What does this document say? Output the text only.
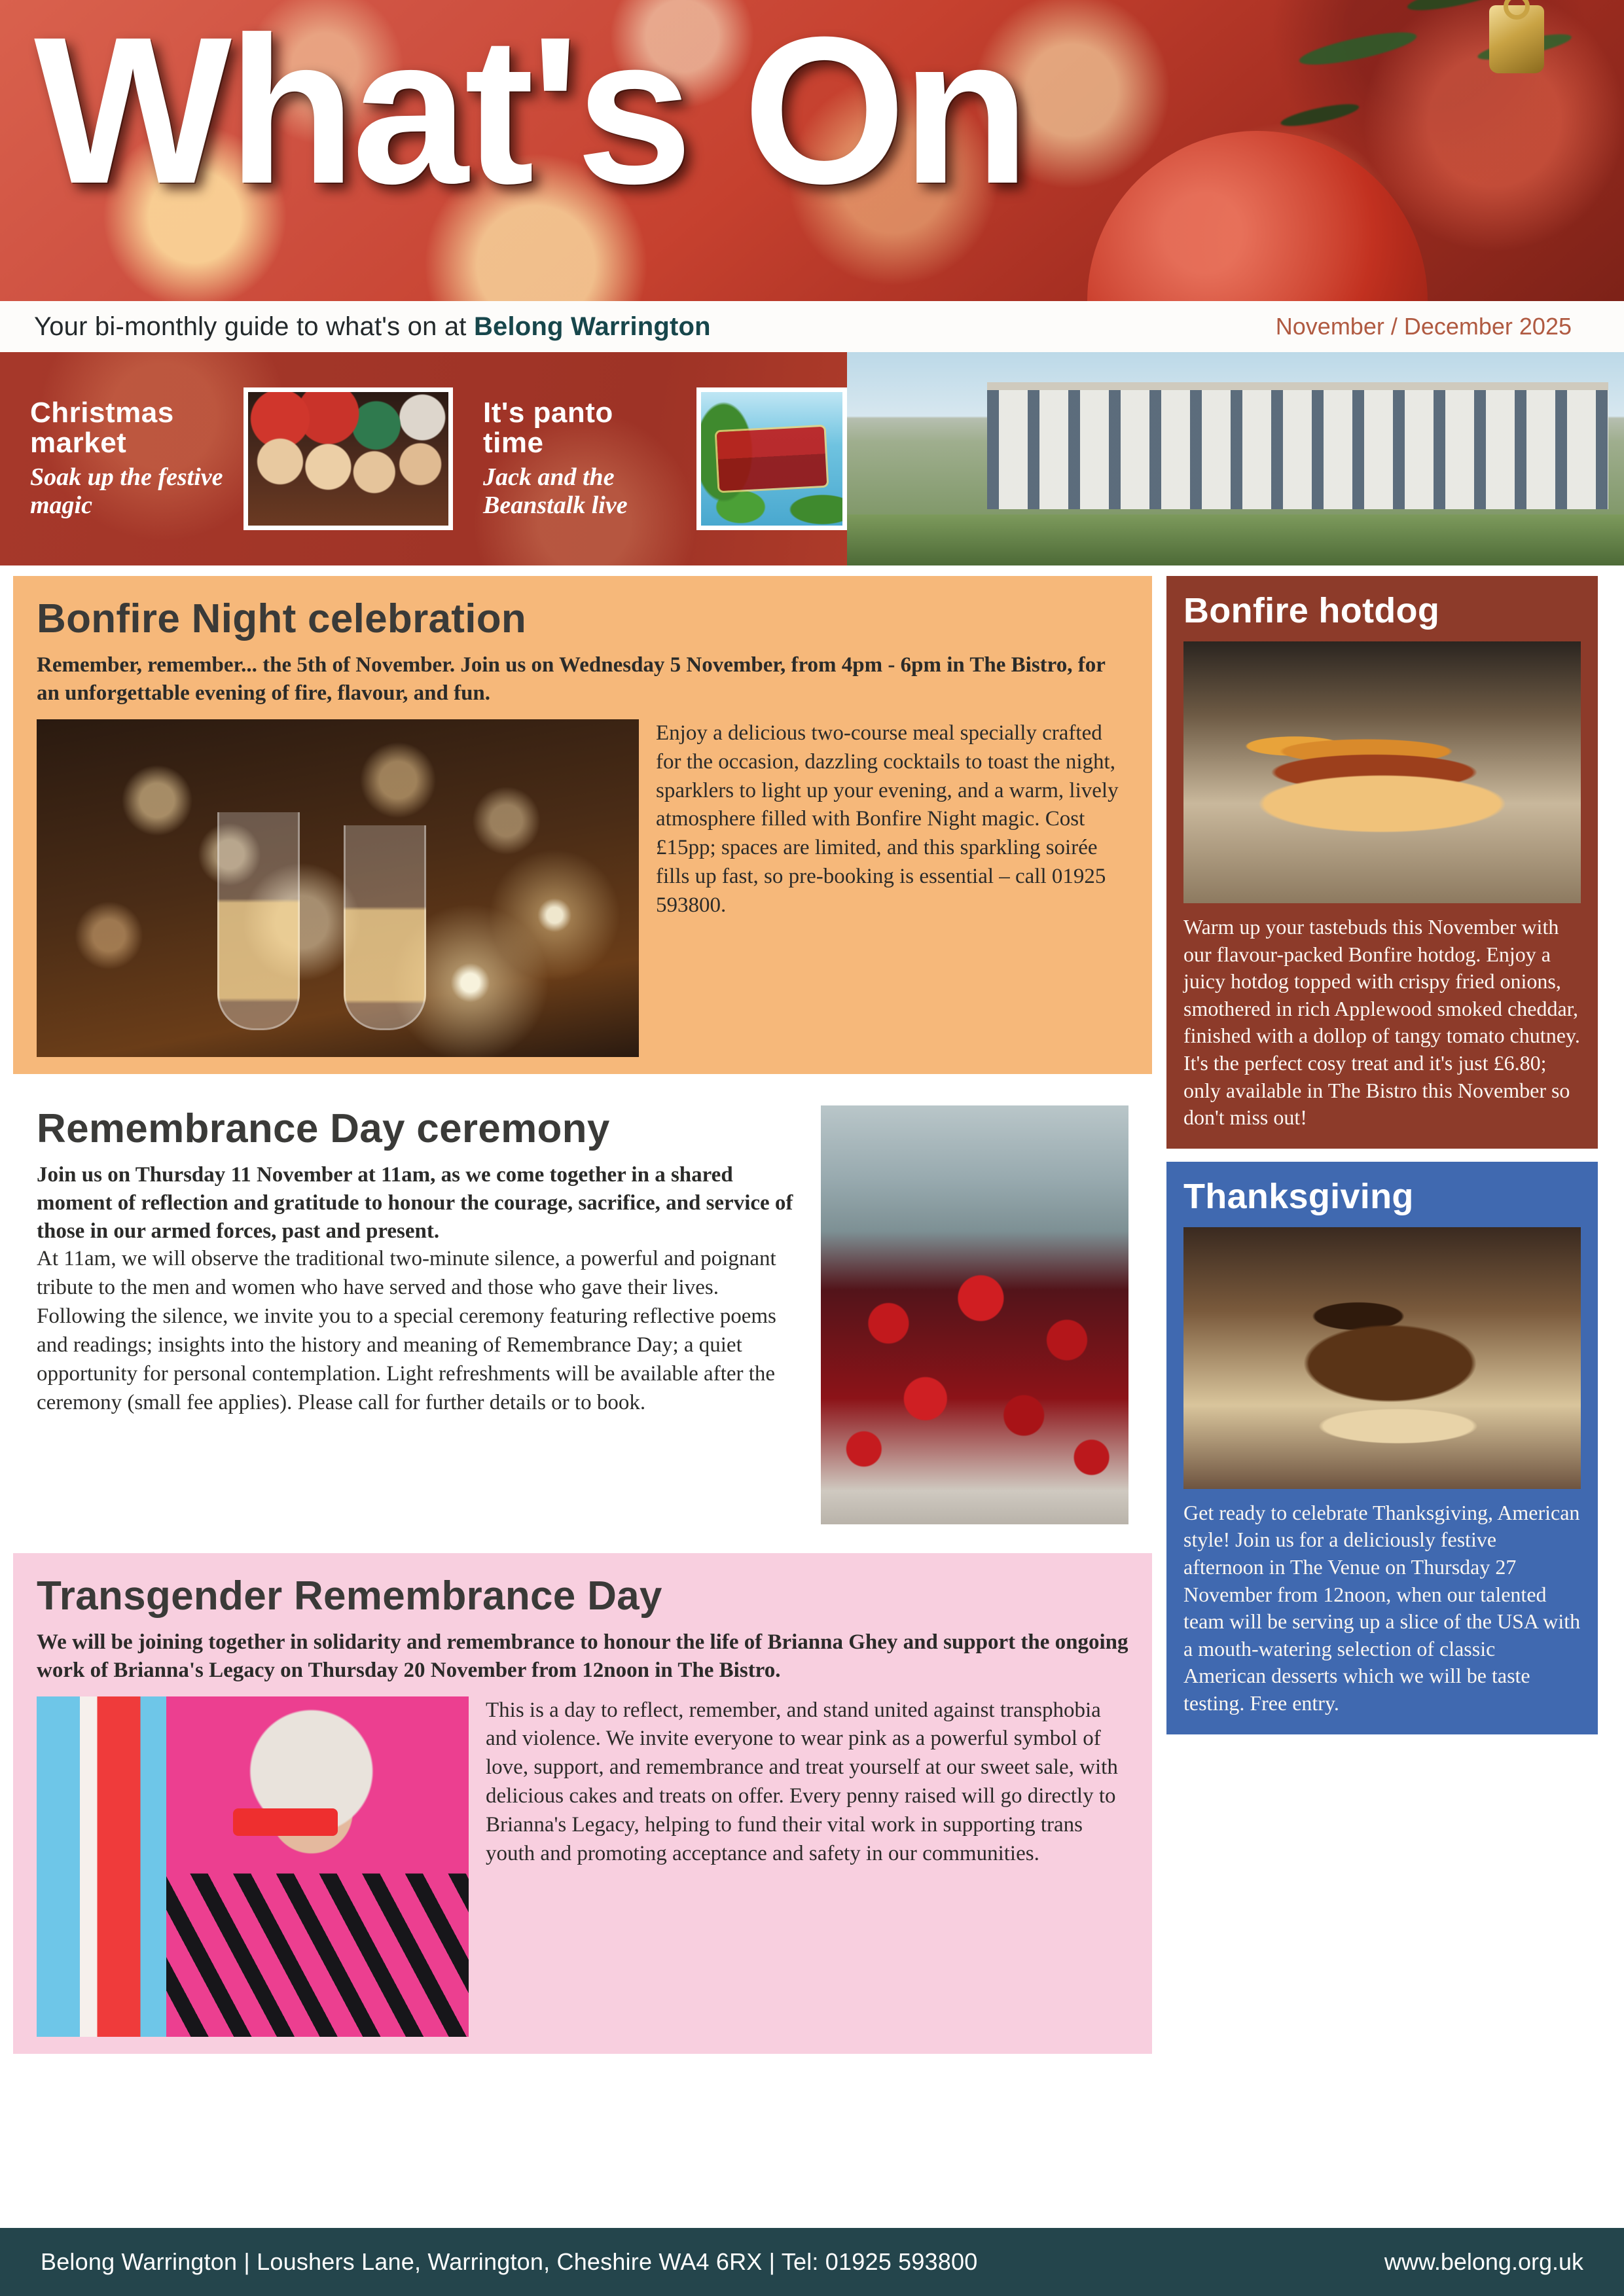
What's On
Your bi-monthly guide to what's on at Belong Warrington	November / December 2025
Christmas market
Soak up the festive magic
It's panto time
Jack and the Beanstalk live
Bonfire Night celebration
Remember, remember... the 5th of November. Join us on Wednesday 5 November, from 4pm - 6pm in The Bistro, for an unforgettable evening of fire, flavour, and fun.
Enjoy a delicious two-course meal specially crafted for the occasion, dazzling cocktails to toast the night, sparklers to light up your evening, and a warm, lively atmosphere filled with Bonfire Night magic. Cost £15pp; spaces are limited, and this sparkling soirée fills up fast, so pre-booking is essential – call 01925 593800.
Remembrance Day ceremony
Join us on Thursday 11 November at 11am, as we come together in a shared moment of reflection and gratitude to honour the courage, sacrifice, and service of those in our armed forces, past and present.
At 11am, we will observe the traditional two-minute silence, a powerful and poignant tribute to the men and women who have served and those who gave their lives. Following the silence, we invite you to a special ceremony featuring reflective poems and readings; insights into the history and meaning of Remembrance Day; a quiet opportunity for personal contemplation. Light refreshments will be available after the ceremony (small fee applies). Please call for further details or to book.
Transgender Remembrance Day
We will be joining together in solidarity and remembrance to honour the life of Brianna Ghey and support the ongoing work of Brianna's Legacy on Thursday 20 November from 12noon in The Bistro.
This is a day to reflect, remember, and stand united against transphobia and violence. We invite everyone to wear pink as a powerful symbol of love, support, and remembrance and treat yourself at our sweet sale, with delicious cakes and treats on offer. Every penny raised will go directly to Brianna's Legacy, helping to fund their vital work in supporting trans youth and promoting acceptance and safety in our communities.
Bonfire hotdog
Warm up your tastebuds this November with our flavour-packed Bonfire hotdog. Enjoy a juicy hotdog topped with crispy fried onions, smothered in rich Applewood smoked cheddar, finished with a dollop of tangy tomato chutney. It's the perfect cosy treat and it's just £6.80; only available in The Bistro this November so don't miss out!
Thanksgiving
Get ready to celebrate Thanksgiving, American style! Join us for a deliciously festive afternoon in The Venue on Thursday 27 November from 12noon, when our talented team will be serving up a slice of the USA with a mouth-watering selection of classic American desserts which we will be taste testing. Free entry.
Belong Warrington | Loushers Lane, Warrington, Cheshire WA4 6RX | Tel: 01925 593800	www.belong.org.uk
